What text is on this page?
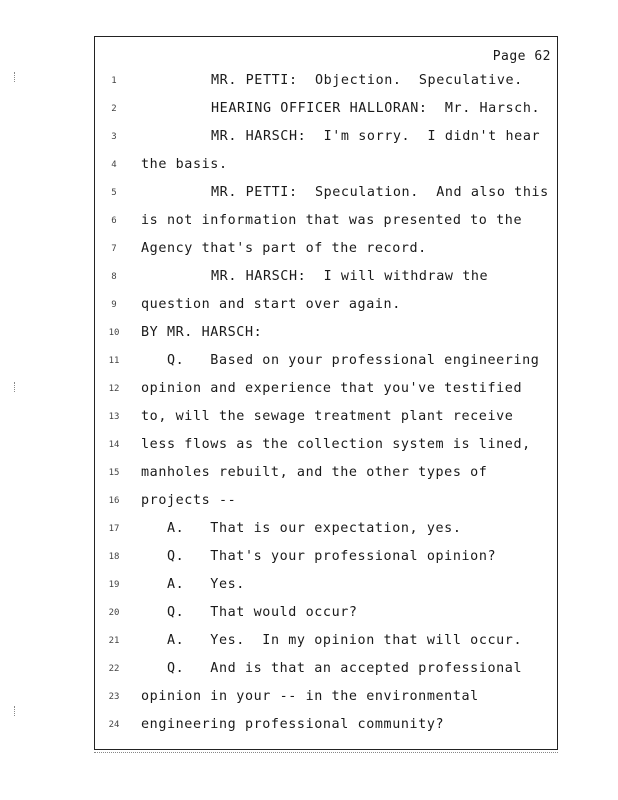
Page 62
1	MR. PETTI:  Objection.  Speculative.
2	HEARING OFFICER HALLORAN:  Mr. Harsch.
3	MR. HARSCH:  I'm sorry.  I didn't hear
4	the basis.
5	MR. PETTI:  Speculation.  And also this
6	is not information that was presented to the
7	Agency that's part of the record.
8	MR. HARSCH:  I will withdraw the
9	question and start over again.
10	BY MR. HARSCH:
11	Q.   Based on your professional engineering
12	opinion and experience that you've testified
13	to, will the sewage treatment plant receive
14	less flows as the collection system is lined,
15	manholes rebuilt, and the other types of
16	projects --
17	A.   That is our expectation, yes.
18	Q.   That's your professional opinion?
19	A.   Yes.
20	Q.   That would occur?
21	A.   Yes.  In my opinion that will occur.
22	Q.   And is that an accepted professional
23	opinion in your -- in the environmental
24	engineering professional community?
